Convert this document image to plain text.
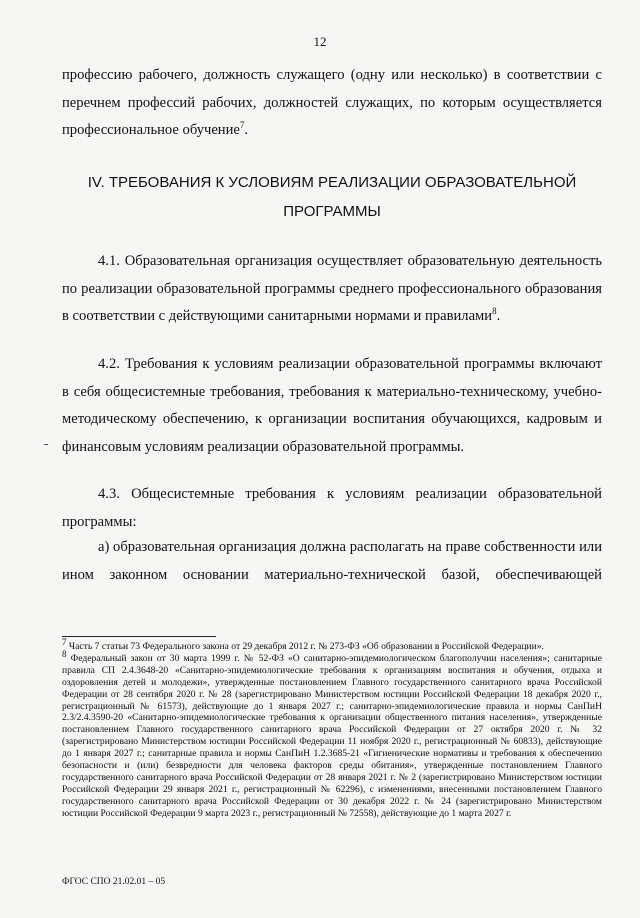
12

профессию рабочего, должность служащего (одну или несколько) в соответствии с перечнем профессий рабочих, должностей служащих, по которым осуществляется профессиональное обучение$^7$.

IV. ТРЕБОВАНИЯ К УСЛОВИЯМ РЕАЛИЗАЦИИ ОБРАЗОВАТЕЛЬНОЙ
ПРОГРАММЫ

4.1. Образовательная организация осуществляет образовательную деятельность по реализации образовательной программы среднего профессионального образования в соответствии с действующими санитарными нормами и правилами$^8$.

4.2. Требования к условиям реализации образовательной программы включают в себя общесистемные требования, требования к материально-техническому, учебно-методическому обеспечению, к организации воспитания обучающихся, кадровым и финансовым условиям реализации образовательной программы.

4.3. Общесистемные требования к условиям реализации образовательной программы:

а) образовательная организация должна располагать на праве собственности или ином законном основании материально-технической базой, обеспечивающей

$^7$ Часть 7 статьи 73 Федерального закона от 29 декабря 2012 г. № 273-ФЗ «Об образовании в Российской Федерации».

$^8$ Федеральный закон от 30 марта 1999 г. № 52-ФЗ «О санитарно-эпидемиологическом благополучии населения»; санитарные правила СП 2.4.3648-20 «Санитарно-эпидемиологические требования к организациям воспитания и обучения, отдыха и оздоровления детей и молодежи», утвержденные постановлением Главного государственного санитарного врача Российской Федерации от 28 сентября 2020 г. № 28 (зарегистрировано Министерством юстиции Российской Федерации 18 декабря 2020 г., регистрационный № 61573), действующие до 1 января 2027 г.; санитарно-эпидемиологические правила и нормы СанПиН 2.3/2.4.3590-20 «Санитарно-эпидемиологические требования к организации общественного питания населения», утвержденные постановлением Главного государственного санитарного врача Российской Федерации от 27 октября 2020 г. № 32 (зарегистрировано Министерством юстиции Российской Федерации 11 ноября 2020 г., регистрационный № 60833), действующие до 1 января 2027 г.; санитарные правила и нормы СанПиН 1.2.3685-21 «Гигиенические нормативы и требования к обеспечению безопасности и (или) безвредности для человека факторов среды обитания», утвержденные постановлением Главного государственного санитарного врача Российской Федерации от 28 января 2021 г. № 2 (зарегистрировано Министерством юстиции Российской Федерации 29 января 2021 г., регистрационный № 62296), с изменениями, внесенными постановлением Главного государственного санитарного врача Российской Федерации от 30 декабря 2022 г. № 24 (зарегистрировано Министерством юстиции Российской Федерации 9 марта 2023 г., регистрационный № 72558), действующие до 1 марта 2027 г.

ФГОС СПО 21.02.01 – 05
